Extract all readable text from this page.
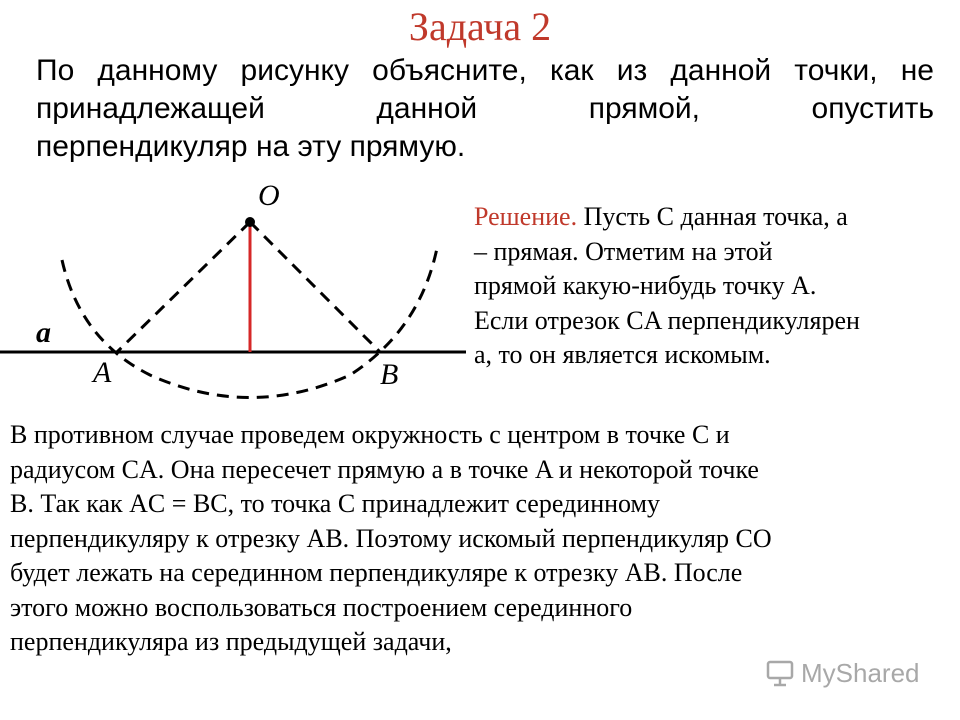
Задача 2
По данному рисунку объясните, как из данной точки, не
принадлежащей данной прямой, опустить
перпендикуляр на эту прямую.
O
A	B
a
Решение. Пусть C данная точка, a
– прямая. Отметим на этой
прямой какую-нибудь точку A.
Если отрезок CA перпендикулярен
a, то он является искомым.
В противном случае проведем окружность с центром в точке C и
радиусом CA. Она пересечет прямую a в точке A и некоторой точке
B. Так как AC = BC, то точка C принадлежит серединному
перпендикуляру к отрезку AB. Поэтому искомый перпендикуляр CO
будет лежать на серединном перпендикуляре к отрезку AB. После
этого можно воспользоваться построением серединного
перпендикуляра из предыдущей задачи,
MyShared
